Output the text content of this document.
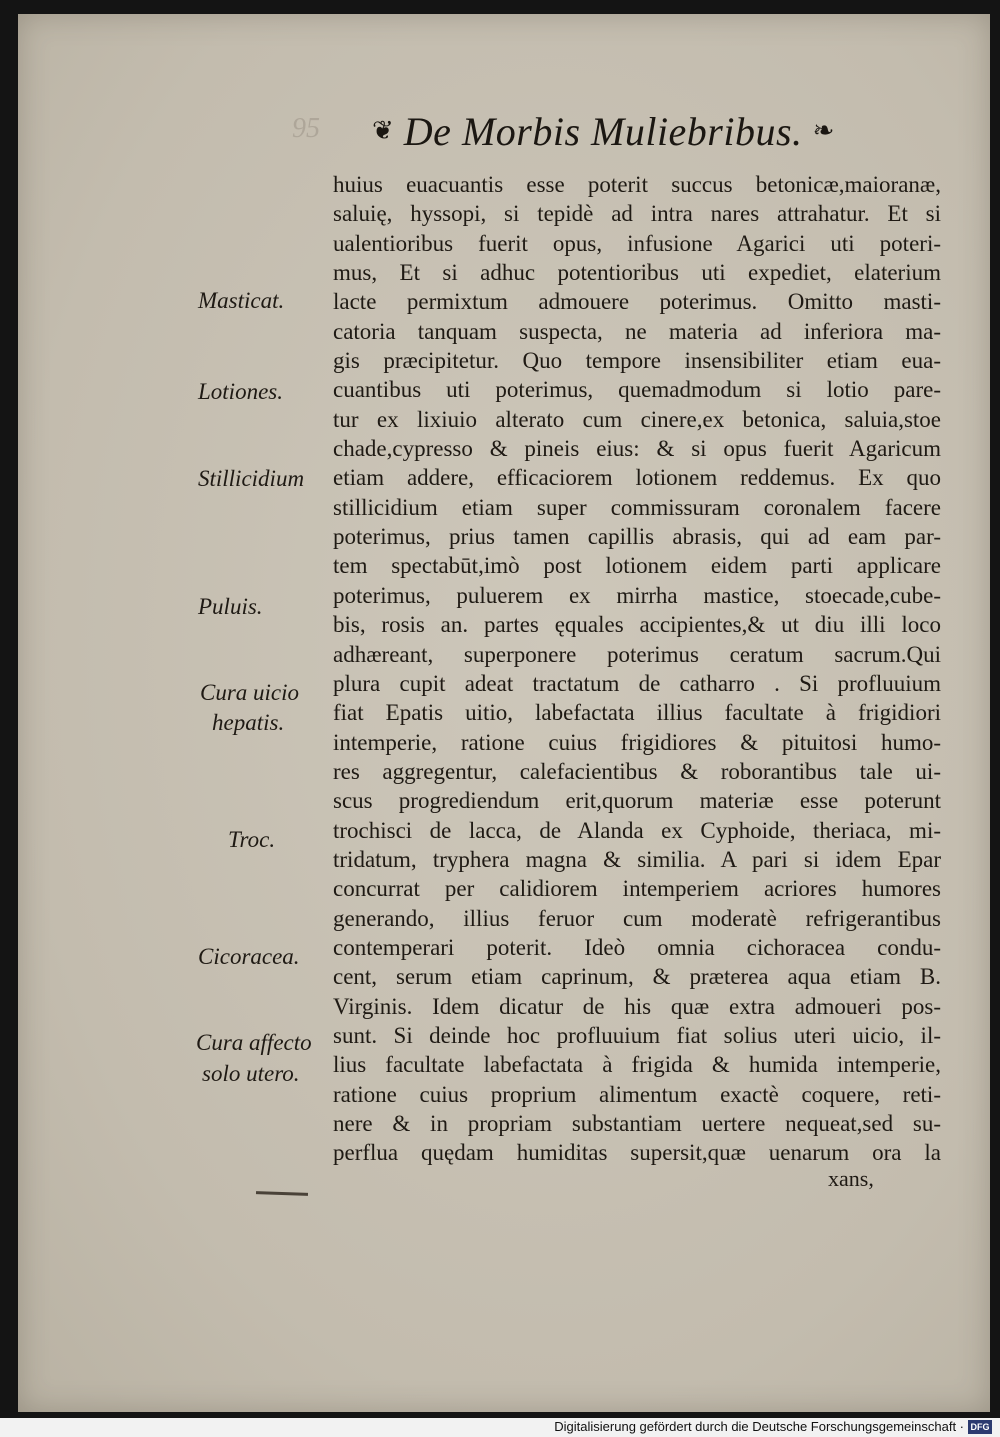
95	❦ De Morbis Muliebribus. ❧
huius euacuantis esse poterit succus betonicæ,maioranæ,
saluię, hyssopi, si tepidè ad intra nares attrahatur. Et si
ualentioribus fuerit opus, infusione Agarici uti poteri-
mus, Et si adhuc potentioribus uti expediet, elaterium
lacte permixtum admouere poterimus. Omitto masti-
catoria tanquam suspecta, ne materia ad inferiora ma-
gis præcipitetur. Quo tempore insensibiliter etiam eua-
cuantibus uti poterimus, quemadmodum si lotio pare-
tur ex lixiuio alterato cum cinere,ex betonica, saluia,stoe
chade,cypresso & pineis eius: & si opus fuerit Agaricum
etiam addere, efficaciorem lotionem reddemus. Ex quo
stillicidium etiam super commissuram coronalem facere
poterimus, prius tamen capillis abrasis, qui ad eam par-
tem spectabūt,imò post lotionem eidem parti applicare
poterimus, puluerem ex mirrha mastice, stoecade,cube-
bis, rosis an. partes ęquales accipientes,& ut diu illi loco
adhæreant, superponere poterimus ceratum sacrum.Qui
plura cupit adeat tractatum de catharro . Si profluuium
fiat Epatis uitio, labefactata illius facultate à frigidiori
intemperie, ratione cuius frigidiores & pituitosi humo-
res aggregentur, calefacientibus & roborantibus tale ui-
scus progrediendum erit,quorum materiæ esse poterunt
trochisci de lacca, de Alanda ex Cyphoide, theriaca, mi-
tridatum, tryphera magna & similia. A pari si idem Epar
concurrat per calidiorem intemperiem acriores humores
generando, illius feruor cum moderatè refrigerantibus
contemperari poterit. Ideò omnia cichoracea condu-
cent, serum etiam caprinum, & præterea aqua etiam B.
Virginis. Idem dicatur de his quæ extra admoueri pos-
sunt. Si deinde hoc profluuium fiat solius uteri uicio, il-
lius facultate labefactata à frigida & humida intemperie,
ratione cuius proprium alimentum exactè coquere, reti-
nere & in propriam substantiam uertere nequeat,sed su-
perflua quędam humiditas supersit,quæ uenarum ora la
xans,
Masticat.
Lotiones.
Stillicidium
Puluis.
Cura uicio
hepatis.
Troc.
Cicoracea.
Cura affecto
solo utero.
Digitalisierung gefördert durch die Deutsche Forschungsgemeinschaft · DFG
